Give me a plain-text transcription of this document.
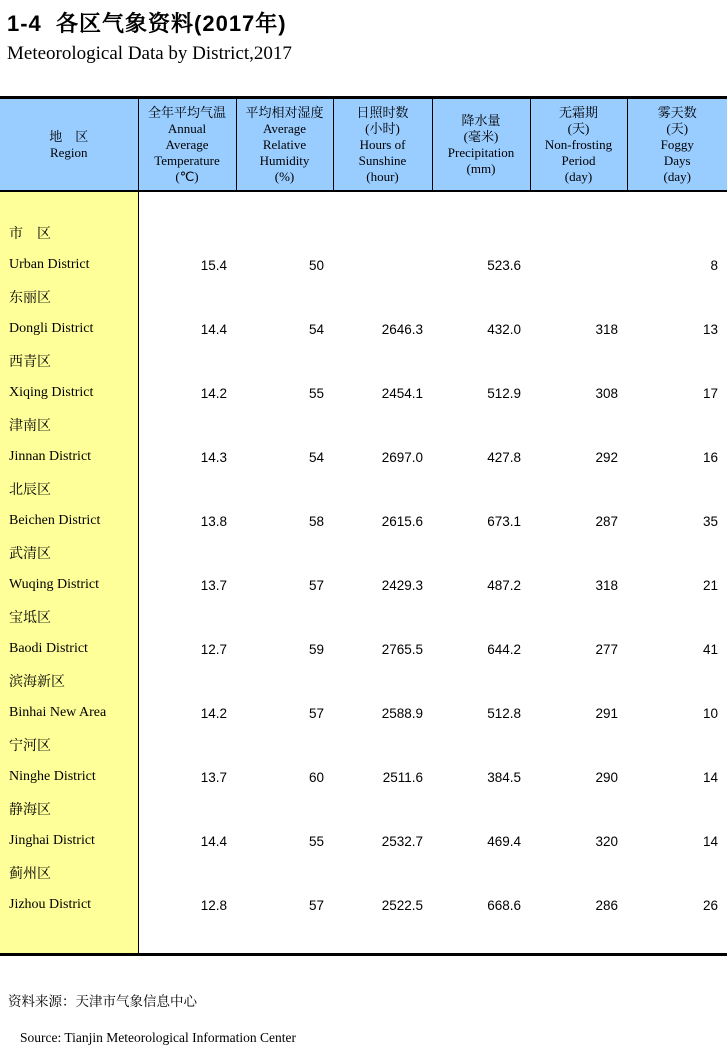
1-4  各区气象资料(2017年)
Meteorological Data by District,2017
地　区
Region	全年平均气温
Annual
Average
Temperature
(℃)	平均相对湿度
Average
Relative
Humidity
(%)	日照时数
(小时)
Hours of
Sunshine
(hour)	降水量
(毫米)
Precipitation
(mm)	无霜期
(天)
Non-frosting
Period
(day)	雾天数
(天)
Foggy
Days
(day)

市　区						
Urban District	15.4	50		523.6		8
东丽区						
Dongli District	14.4	54	2646.3	432.0	318	13
西青区						
Xiqing District	14.2	55	2454.1	512.9	308	17
津南区						
Jinnan District	14.3	54	2697.0	427.8	292	16
北辰区						
Beichen District	13.8	58	2615.6	673.1	287	35
武清区						
Wuqing District	13.7	57	2429.3	487.2	318	21
宝坻区						
Baodi District	12.7	59	2765.5	644.2	277	41
滨海新区						
Binhai New Area	14.2	57	2588.9	512.8	291	10
宁河区						
Ninghe District	13.7	60	2511.6	384.5	290	14
静海区						
Jinghai District	14.4	55	2532.7	469.4	320	14
蓟州区						
Jizhou District	12.8	57	2522.5	668.6	286	26

资料来源：天津市气象信息中心
Source: Tianjin Meteorological Information Center
